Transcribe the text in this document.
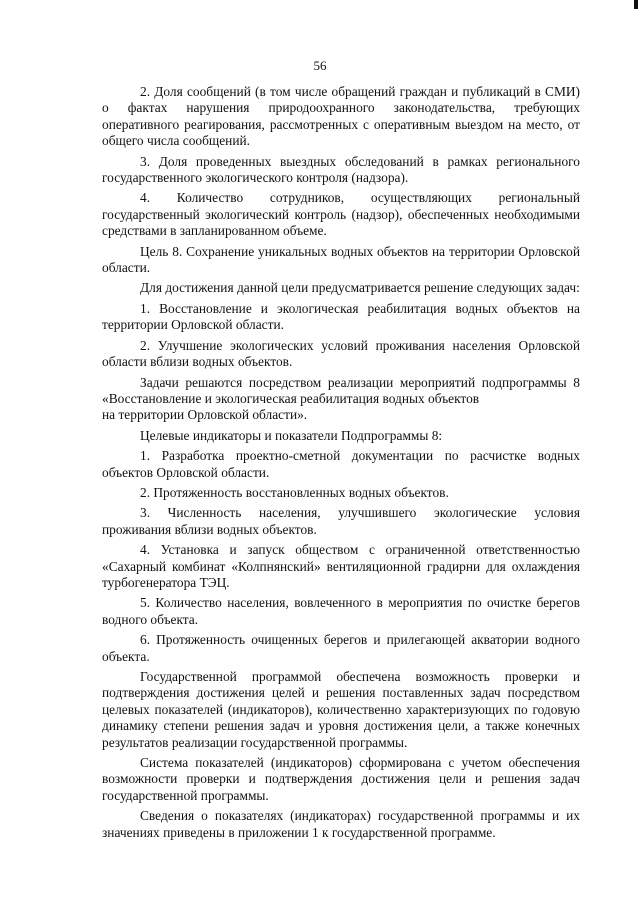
56

2. Доля сообщений (в том числе обращений граждан и публикаций в СМИ) о фактах нарушения природоохранного законодательства, требующих оперативного реагирования, рассмотренных с оперативным выездом на место, от общего числа сообщений.

3. Доля проведенных выездных обследований в рамках регионального государственного экологического контроля (надзора).

4. Количество сотрудников, осуществляющих региональный государственный экологический контроль (надзор), обеспеченных необходимыми средствами в запланированном объеме.

Цель 8. Сохранение уникальных водных объектов на территории Орловской области.

Для достижения данной цели предусматривается решение следующих задач:

1. Восстановление и экологическая реабилитация водных объектов на территории Орловской области.

2. Улучшение экологических условий проживания населения Орловской области вблизи водных объектов.

Задачи решаются посредством реализации мероприятий подпрограммы 8 «Восстановление и экологическая реабилитация водных объектов

на территории Орловской области».

Целевые индикаторы и показатели Подпрограммы 8:

1. Разработка проектно-сметной документации по расчистке водных объектов Орловской области.

2. Протяженность восстановленных водных объектов.

3. Численность населения, улучшившего экологические условия проживания вблизи водных объектов.

4. Установка и запуск обществом с ограниченной ответственностью «Сахарный комбинат «Колпнянский» вентиляционной градирни для охлаждения турбогенератора ТЭЦ.

5. Количество населения, вовлеченного в мероприятия по очистке берегов водного объекта.

6. Протяженность очищенных берегов и прилегающей акватории водного объекта.

Государственной программой обеспечена возможность проверки и подтверждения достижения целей и решения поставленных задач посредством целевых показателей (индикаторов), количественно характеризующих по годовую динамику степени решения задач и уровня достижения цели, а также конечных результатов реализации государственной программы.

Система показателей (индикаторов) сформирована с учетом обеспечения возможности проверки и подтверждения достижения цели и решения задач государственной программы.

Сведения о показателях (индикаторах) государственной программы и их значениях приведены в приложении 1 к государственной программе.
